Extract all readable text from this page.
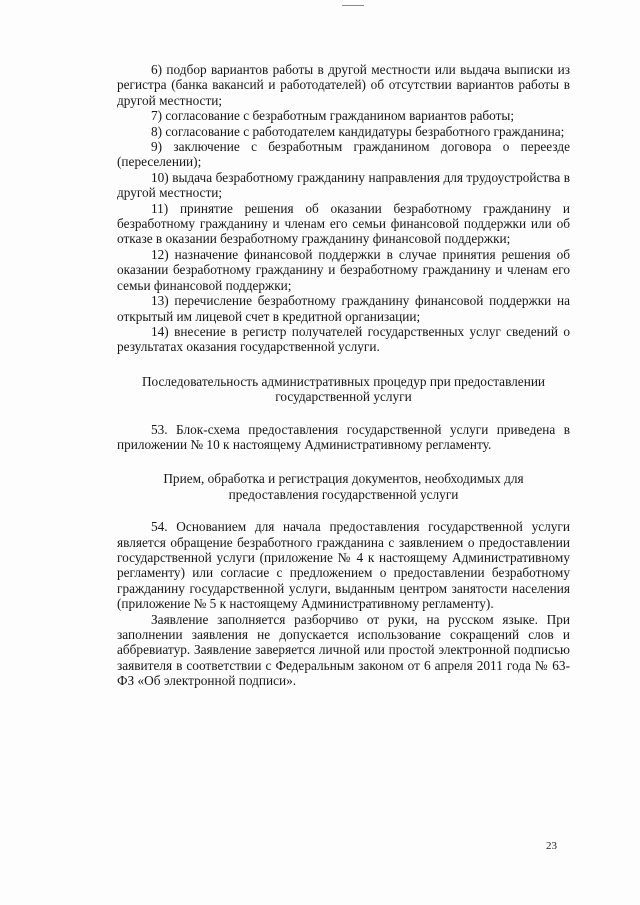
6) подбор вариантов работы в другой местности или выдача выписки из регистра (банка вакансий и работодателей) об отсутствии вариантов работы в другой местности;

7) согласование с безработным гражданином вариантов работы;

8) согласование с работодателем кандидатуры безработного гражданина;

9) заключение с безработным гражданином договора о переезде (переселении);

10) выдача безработному гражданину направления для трудоустройства в другой местности;

11) принятие решения об оказании безработному гражданину и безработному гражданину и членам его семьи финансовой поддержки или об отказе в оказании безработному гражданину финансовой поддержки;

12) назначение финансовой поддержки в случае принятия решения об оказании безработному гражданину и безработному гражданину и членам его семьи финансовой поддержки;

13) перечисление безработному гражданину финансовой поддержки на открытый им лицевой счет в кредитной организации;

14) внесение в регистр получателей государственных услуг сведений о результатах оказания государственной услуги.

Последовательность административных процедур при предоставлении государственной услуги

53. Блок-схема предоставления государственной услуги приведена в приложении № 10 к настоящему Административному регламенту.

Прием, обработка и регистрация документов, необходимых для предоставления государственной услуги

54. Основанием для начала предоставления государственной услуги является обращение безработного гражданина с заявлением о предоставлении государственной услуги (приложение № 4 к настоящему Административному регламенту) или согласие с предложением о предоставлении безработному гражданину государственной услуги, выданным центром занятости населения (приложение № 5 к настоящему Административному регламенту).

Заявление заполняется разборчиво от руки, на русском языке. При заполнении заявления не допускается использование сокращений слов и аббревиатур. Заявление заверяется личной или простой электронной подписью заявителя в соответствии с Федеральным законом от 6 апреля 2011 года № 63-ФЗ «Об электронной подписи».

23
